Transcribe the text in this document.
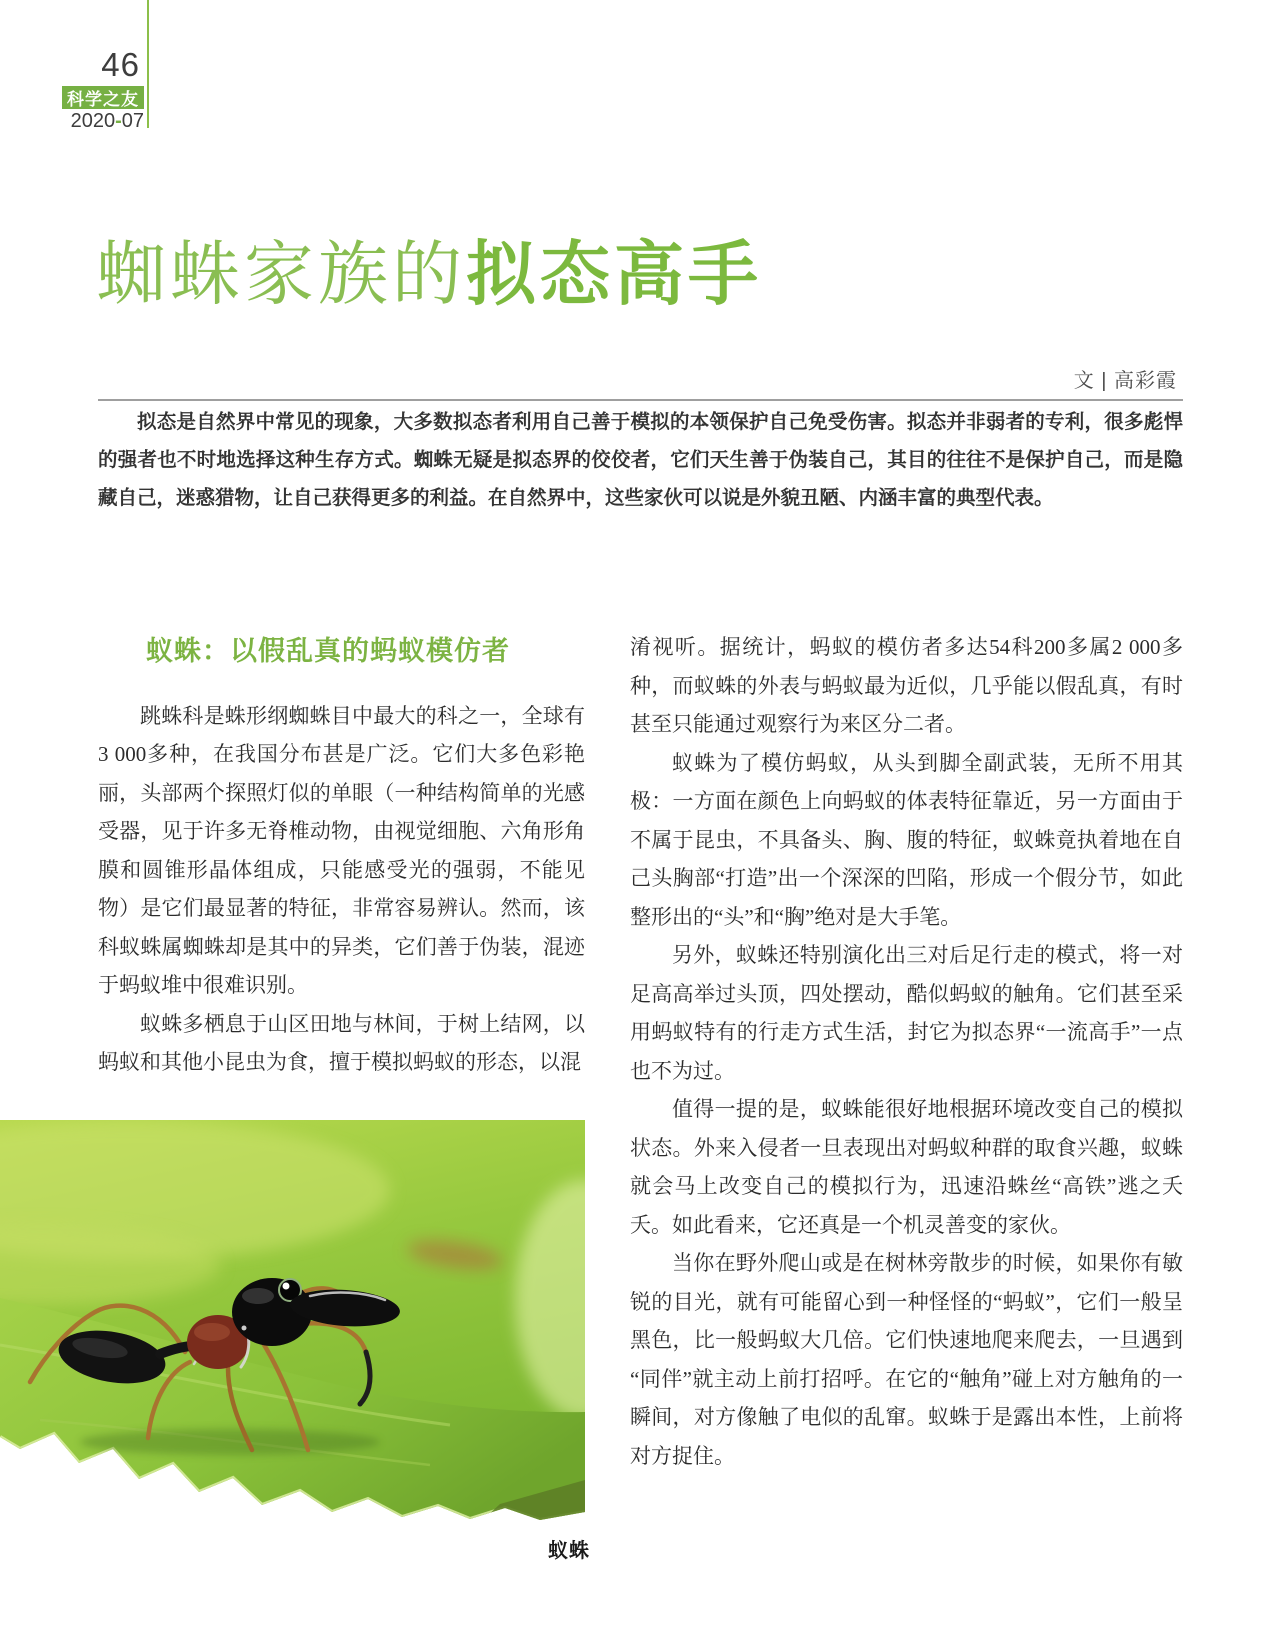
46
科学之友
2020-07
蜘蛛家族的拟态高手
文 | 高彩霞

拟态是自然界中常见的现象，大多数拟态者利用自己善于模拟的本领保护自己免受伤害。拟态并非弱者的专利，很多彪悍的强者也不时地选择这种生存方式。蜘蛛无疑是拟态界的佼佼者，它们天生善于伪装自己，其目的往往不是保护自己，而是隐藏自己，迷惑猎物，让自己获得更多的利益。在自然界中，这些家伙可以说是外貌丑陋、内涵丰富的典型代表。

蚁蛛：以假乱真的蚂蚁模仿者

跳蛛科是蛛形纲蜘蛛目中最大的科之一，全球有3 000多种，在我国分布甚是广泛。它们大多色彩艳丽，头部两个探照灯似的单眼（一种结构简单的光感受器，见于许多无脊椎动物，由视觉细胞、六角形角膜和圆锥形晶体组成，只能感受光的强弱，不能见物）是它们最显著的特征，非常容易辨认。然而，该科蚁蛛属蜘蛛却是其中的异类，它们善于伪装，混迹于蚂蚁堆中很难识别。

蚁蛛多栖息于山区田地与林间，于树上结网，以蚂蚁和其他小昆虫为食，擅于模拟蚂蚁的形态，以混

淆视听。据统计，蚂蚁的模仿者多达54科200多属2 000多种，而蚁蛛的外表与蚂蚁最为近似，几乎能以假乱真，有时甚至只能通过观察行为来区分二者。

蚁蛛为了模仿蚂蚁，从头到脚全副武装，无所不用其极：一方面在颜色上向蚂蚁的体表特征靠近，另一方面由于不属于昆虫，不具备头、胸、腹的特征，蚁蛛竟执着地在自己头胸部“打造”出一个深深的凹陷，形成一个假分节，如此整形出的“头”和“胸”绝对是大手笔。

另外，蚁蛛还特别演化出三对后足行走的模式，将一对足高高举过头顶，四处摆动，酷似蚂蚁的触角。它们甚至采用蚂蚁特有的行走方式生活，封它为拟态界“一流高手”一点也不为过。

值得一提的是，蚁蛛能很好地根据环境改变自己的模拟状态。外来入侵者一旦表现出对蚂蚁种群的取食兴趣，蚁蛛就会马上改变自己的模拟行为，迅速沿蛛丝“高铁”逃之夭夭。如此看来，它还真是一个机灵善变的家伙。

当你在野外爬山或是在树林旁散步的时候，如果你有敏锐的目光，就有可能留心到一种怪怪的“蚂蚁”，它们一般呈黑色，比一般蚂蚁大几倍。它们快速地爬来爬去，一旦遇到“同伴”就主动上前打招呼。在它的“触角”碰上对方触角的一瞬间，对方像触了电似的乱窜。蚁蛛于是露出本性，上前将对方捉住。

蚁蛛
